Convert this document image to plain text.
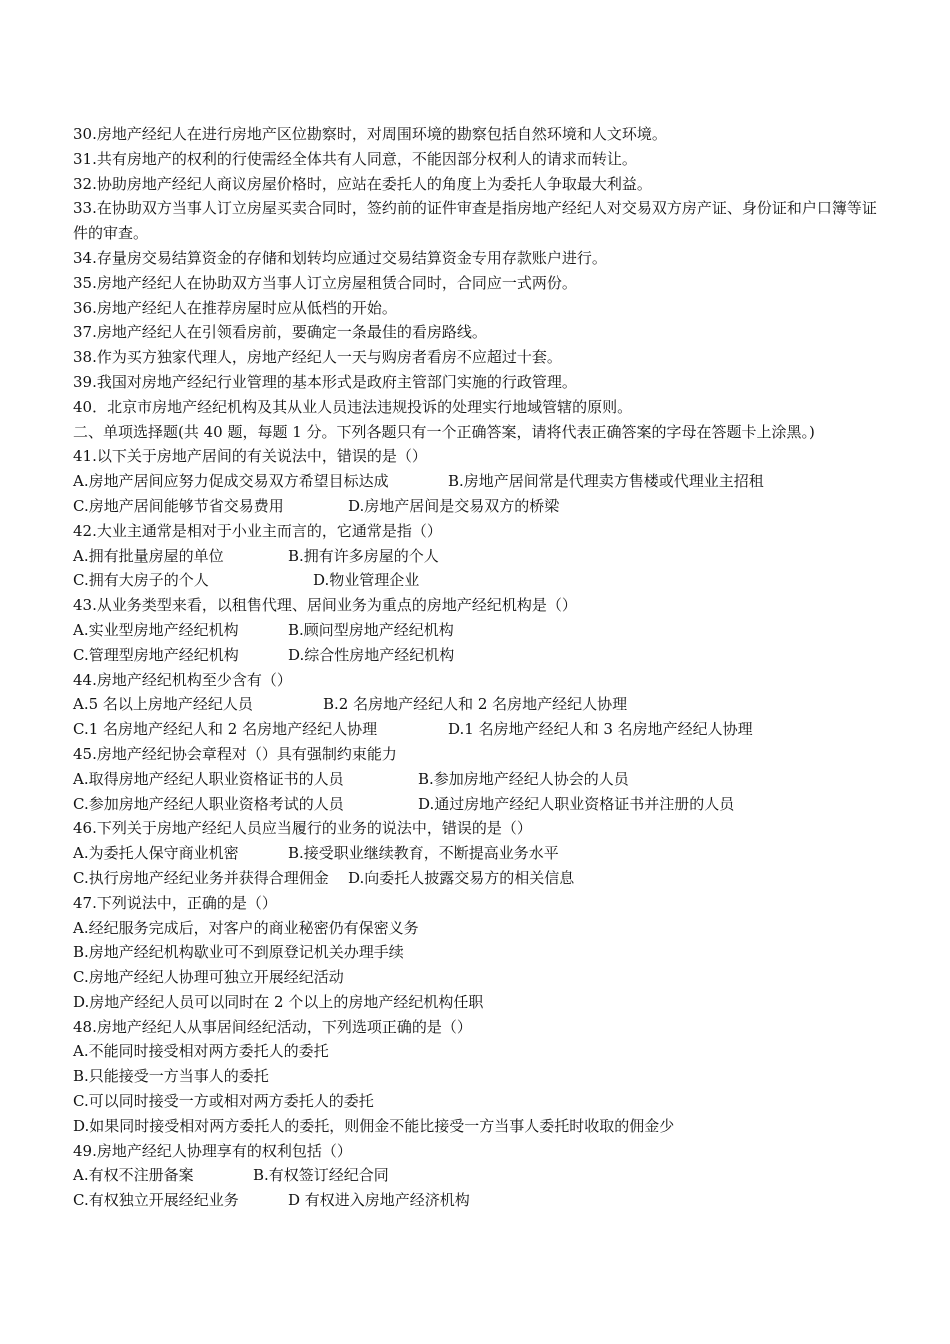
30.房地产经纪人在进行房地产区位勘察时，对周围环境的勘察包括自然环境和人文环境。
31.共有房地产的权利的行使需经全体共有人同意，不能因部分权利人的请求而转让。
32.协助房地产经纪人商议房屋价格时，应站在委托人的角度上为委托人争取最大利益。
33.在协助双方当事人订立房屋买卖合同时，签约前的证件审查是指房地产经纪人对交易双方房产证、身份证和户口簿等证件的审查。
34.存量房交易结算资金的存储和划转均应通过交易结算资金专用存款账户进行。
35.房地产经纪人在协助双方当事人订立房屋租赁合同时，合同应一式两份。
36.房地产经纪人在推荐房屋时应从低档的开始。
37.房地产经纪人在引领看房前，要确定一条最佳的看房路线。
38.作为买方独家代理人，房地产经纪人一天与购房者看房不应超过十套。
39.我国对房地产经纪行业管理的基本形式是政府主管部门实施的行政管理。
40．北京市房地产经纪机构及其从业人员违法违规投诉的处理实行地域管辖的原则。
二、单项选择题(共 40 题，每题 1 分。下列各题只有一个正确答案，请将代表正确答案的字母在答题卡上涂黑。)
41.以下关于房地产居间的有关说法中，错误的是（）
A.房地产居间应努力促成交易双方希望目标达成	B.房地产居间常是代理卖方售楼或代理业主招租
C.房地产居间能够节省交易费用	D.房地产居间是交易双方的桥梁
42.大业主通常是相对于小业主而言的，它通常是指（）
A.拥有批量房屋的单位	B.拥有许多房屋的个人
C.拥有大房子的个人	D.物业管理企业
43.从业务类型来看，以租售代理、居间业务为重点的房地产经纪机构是（）
A.实业型房地产经纪机构	B.顾问型房地产经纪机构
C.管理型房地产经纪机构	D.综合性房地产经纪机构
44.房地产经纪机构至少含有（）
A.5 名以上房地产经纪人员	B.2 名房地产经纪人和 2 名房地产经纪人协理
C.1 名房地产经纪人和 2 名房地产经纪人协理	D.1 名房地产经纪人和 3 名房地产经纪人协理
45.房地产经纪协会章程对（）具有强制约束能力
A.取得房地产经纪人职业资格证书的人员	B.参加房地产经纪人协会的人员
C.参加房地产经纪人职业资格考试的人员	D.通过房地产经纪人职业资格证书并注册的人员
46.下列关于房地产经纪人员应当履行的业务的说法中，错误的是（）
A.为委托人保守商业机密	B.接受职业继续教育，不断提高业务水平
C.执行房地产经纪业务并获得合理佣金 D.向委托人披露交易方的相关信息
47.下列说法中，正确的是（）
A.经纪服务完成后，对客户的商业秘密仍有保密义务
B.房地产经纪机构歇业可不到原登记机关办理手续
C.房地产经纪人协理可独立开展经纪活动
D.房地产经纪人员可以同时在 2 个以上的房地产经纪机构任职
48.房地产经纪人从事居间经纪活动，下列选项正确的是（）
A.不能同时接受相对两方委托人的委托
B.只能接受一方当事人的委托
C.可以同时接受一方或相对两方委托人的委托
D.如果同时接受相对两方委托人的委托，则佣金不能比接受一方当事人委托时收取的佣金少
49.房地产经纪人协理享有的权利包括（）
A.有权不注册备案	B.有权签订经纪合同
C.有权独立开展经纪业务	D 有权进入房地产经济机构
